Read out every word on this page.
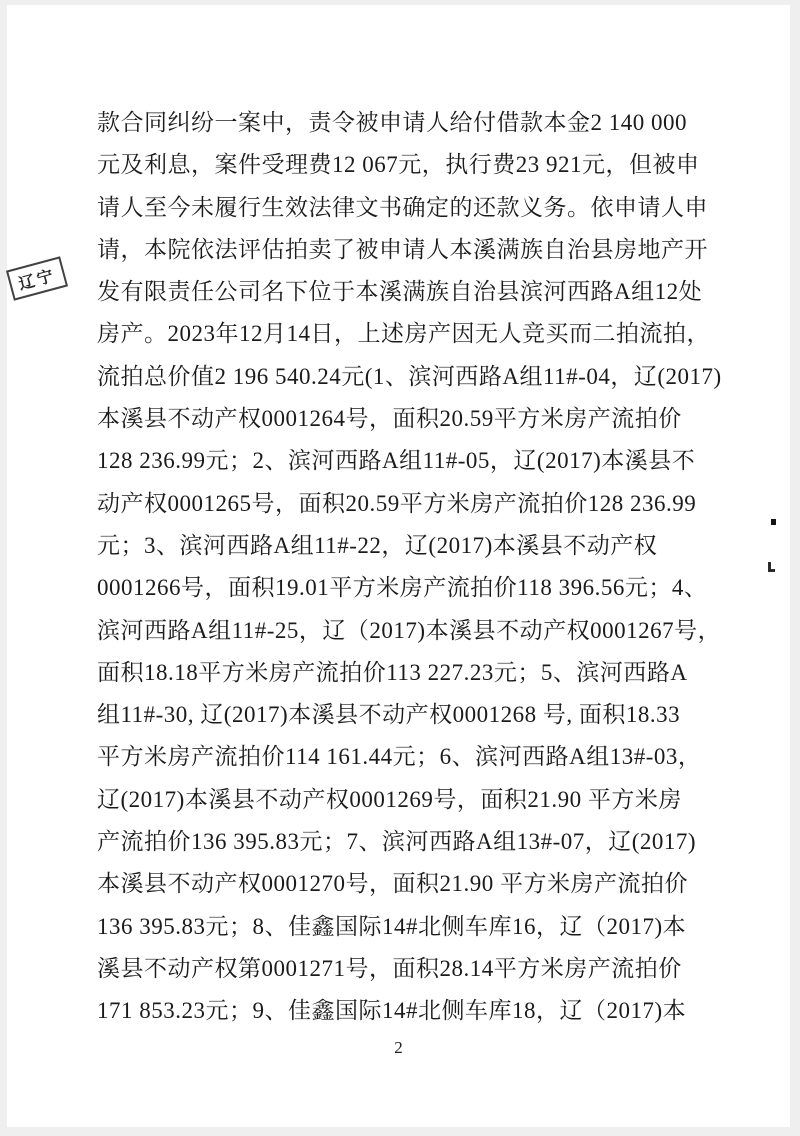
辽宁
款合同纠纷一案中，责令被申请人给付借款本金2 140 000
元及利息，案件受理费12 067元，执行费23 921元，但被申
请人至今未履行生效法律文书确定的还款义务。依申请人申
请，本院依法评估拍卖了被申请人本溪满族自治县房地产开
发有限责任公司名下位于本溪满族自治县滨河西路A组12处
房产。2023年12月14日，上述房产因无人竞买而二拍流拍，
流拍总价值2 196 540.24元(1、滨河西路A组11#-04，辽(2017)
本溪县不动产权0001264号，面积20.59平方米房产流拍价
128 236.99元；2、滨河西路A组11#-05，辽(2017)本溪县不
动产权0001265号，面积20.59平方米房产流拍价128 236.99
元；3、滨河西路A组11#-22，辽(2017)本溪县不动产权
0001266号，面积19.01平方米房产流拍价118 396.56元；4、
滨河西路A组11#-25，辽（2017)本溪县不动产权0001267号，
面积18.18平方米房产流拍价113 227.23元；5、滨河西路A
组11#-30, 辽(2017)本溪县不动产权0001268 号, 面积18.33
平方米房产流拍价114 161.44元；6、滨河西路A组13#-03，
辽(2017)本溪县不动产权0001269号，面积21.90 平方米房
产流拍价136 395.83元；7、滨河西路A组13#-07，辽(2017)
本溪县不动产权0001270号，面积21.90 平方米房产流拍价
136 395.83元；8、佳鑫国际14#北侧车库16，辽（2017)本
溪县不动产权第0001271号，面积28.14平方米房产流拍价
171 853.23元；9、佳鑫国际14#北侧车库18，辽（2017)本
2
